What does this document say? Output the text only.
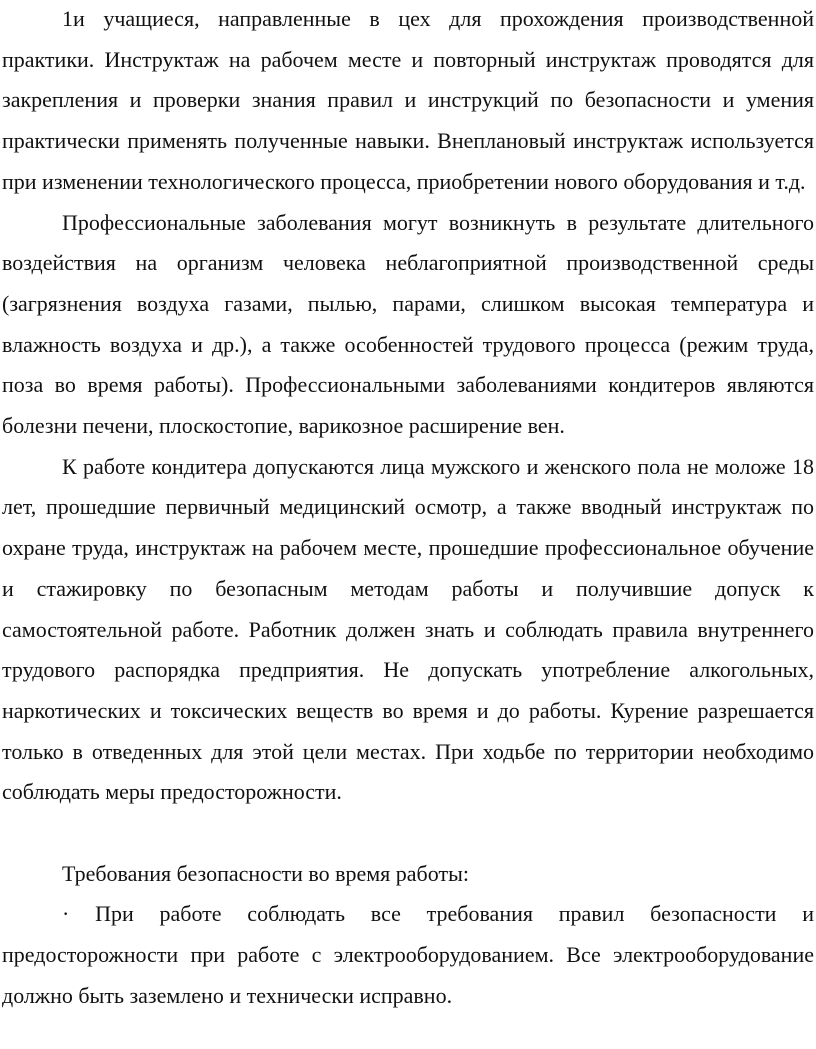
1и учащиеся, направленные в цех для прохождения производственной практики. Инструктаж на рабочем месте и повторный инструктаж проводятся для закрепления и проверки знания правил и инструкций по безопасности и умения практически применять полученные навыки. Внеплановый инструктаж используется при изменении технологического процесса, приобретении нового оборудования и т.д.

Профессиональные заболевания могут возникнуть в результате длительного воздействия на организм человека неблагоприятной производственной среды (загрязнения воздуха газами, пылью, парами, слишком высокая температура и влажность воздуха и др.), а также особенностей трудового процесса (режим труда, поза во время работы). Профессиональными заболеваниями кондитеров являются болезни печени, плоскостопие, варикозное расширение вен.

К работе кондитера допускаются лица мужского и женского пола не моложе 18 лет, прошедшие первичный медицинский осмотр, а также вводный инструктаж по охране труда, инструктаж на рабочем месте, прошедшие профессиональное обучение и стажировку по безопасным методам работы и получившие допуск к самостоятельной работе. Работник должен знать и соблюдать правила внутреннего трудового распорядка предприятия. Не допускать употребление алкогольных, наркотических и токсических веществ во время и до работы. Курение разрешается только в отведенных для этой цели местах. При ходьбе по территории необходимо соблюдать меры предосторожности.

Требования безопасности во время работы:

· При работе соблюдать все требования правил безопасности и предосторожности при работе с электрооборудованием. Все электрооборудование должно быть заземлено и технически исправно.
